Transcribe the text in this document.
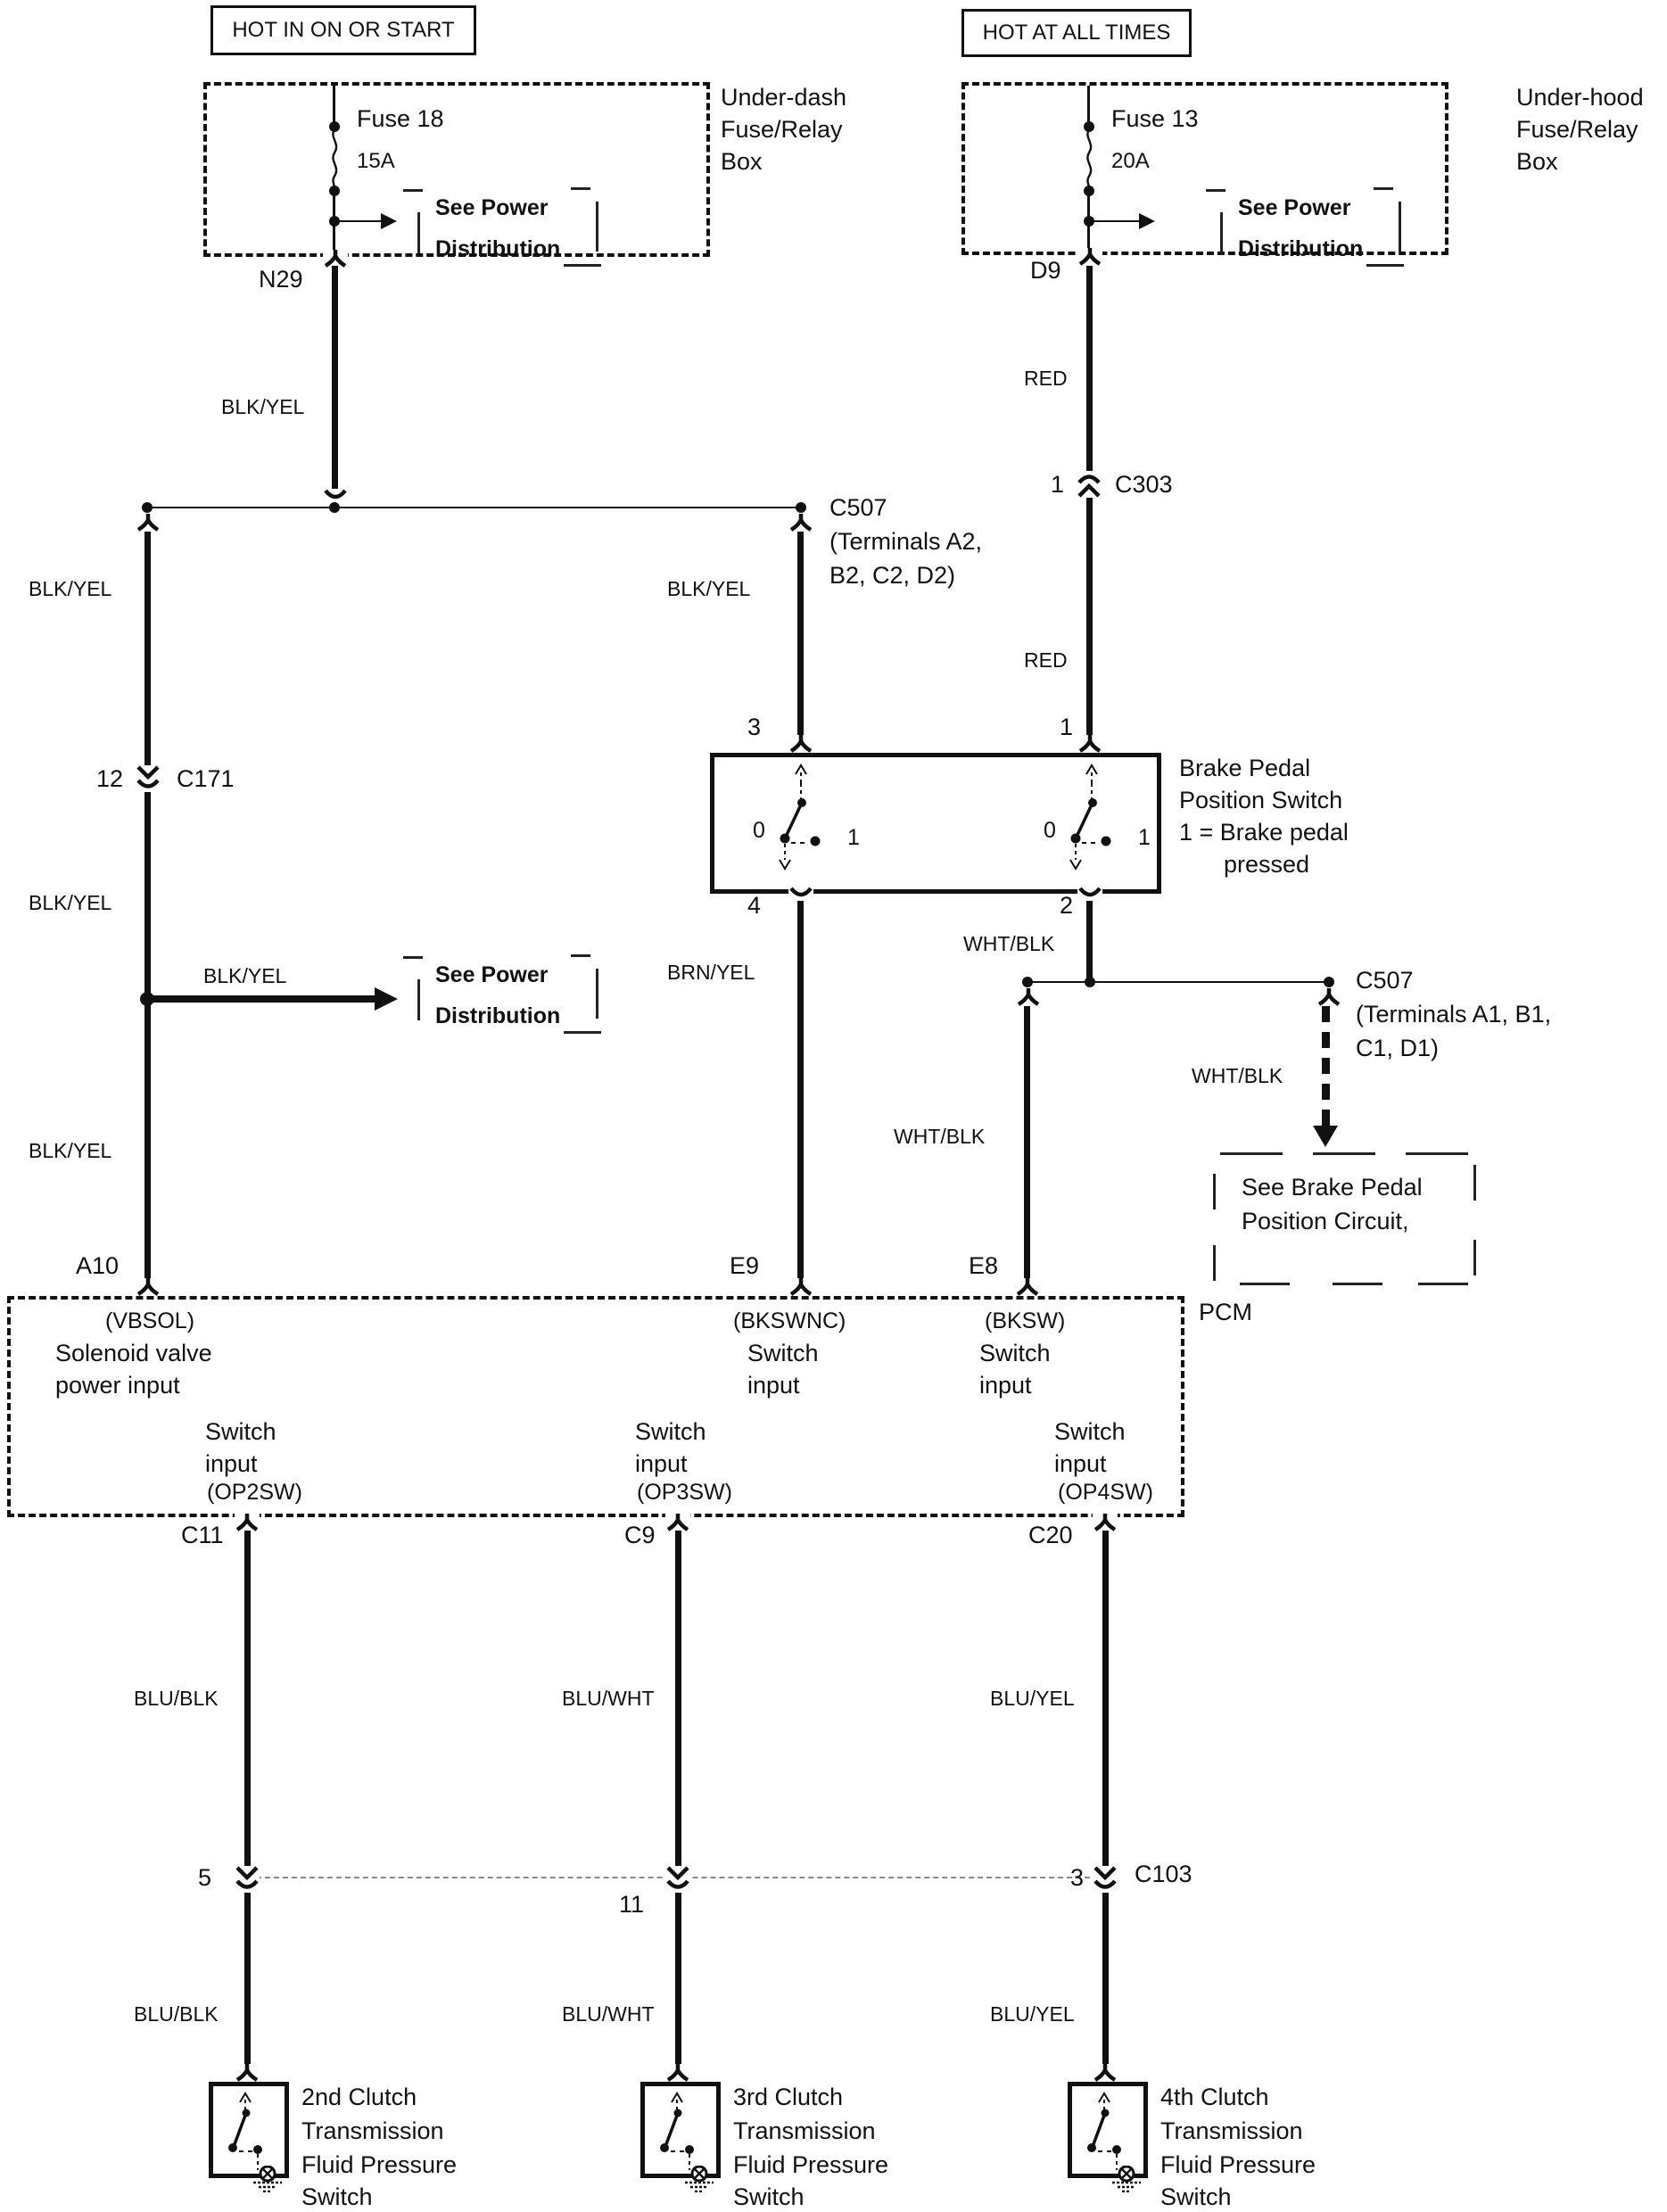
HOT IN ON OR START
Fuse 18
15A
See Power
Distribution
Under-dash
Fuse/Relay
Box
N29
HOT AT ALL TIMES
Fuse 13
20A
See Power
Distribution
Under-hood
Fuse/Relay
Box
D9
RED
1 C303
RED
1
BLK/YEL
C507
(Terminals A2,
B2, C2, D2)
BLK/YEL
12 C171
BLK/YEL
BLK/YEL	See Power
Distribution
BLK/YEL
A10
BLK/YEL
3
0	1	0	1
Brake Pedal
Position Switch
1 = Brake pedal
pressed
4
BRN/YEL
E9
2
WHT/BLK
WHT/BLK
E8
C507
(Terminals A1, B1,
C1, D1)
WHT/BLK
See Brake Pedal
Position Circuit,
PCM
(VBSOL)
Solenoid valve
power input
(BKSWNC)
Switch
input
(BKSW)
Switch
input
Switch
input
(OP2SW)
Switch
input
(OP3SW)
Switch
input
(OP4SW)
C11	C9	C20
BLU/BLK
5
BLU/BLK
BLU/WHT
11
BLU/WHT
BLU/YEL
3 C103
BLU/YEL
2nd Clutch
Transmission
Fluid Pressure
Switch
3rd Clutch
Transmission
Fluid Pressure
Switch
4th Clutch
Transmission
Fluid Pressure
Switch
